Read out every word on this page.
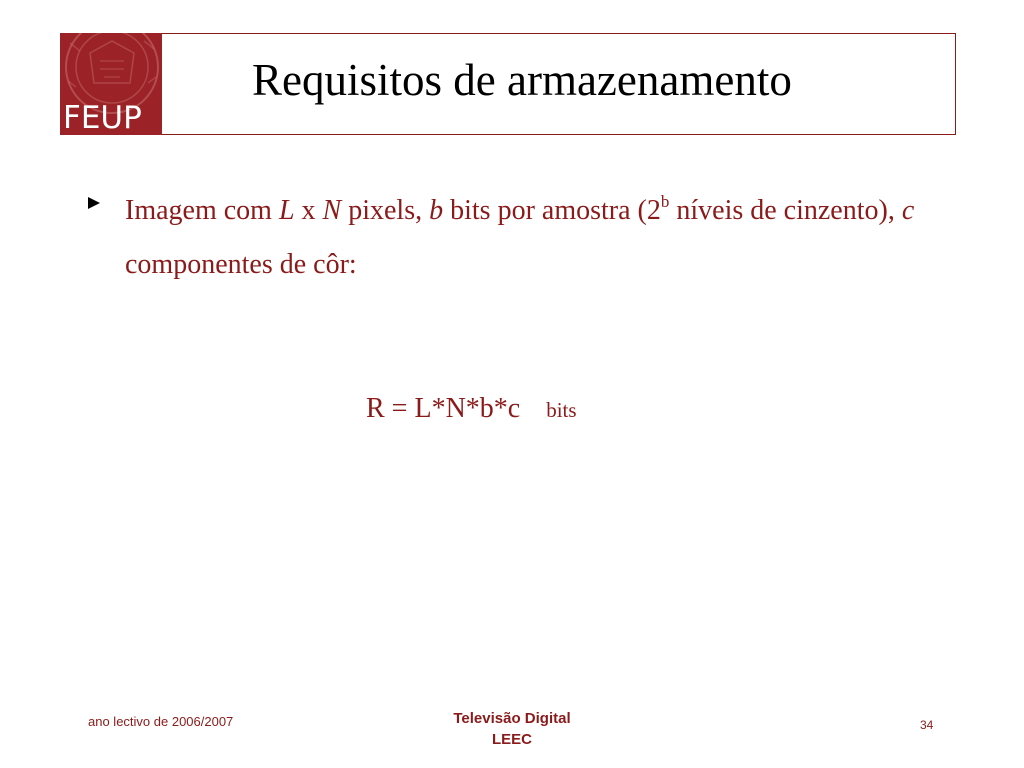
FEUP
Requisitos de armazenamento
Imagem com L x N pixels, b bits por amostra (2$^b$ níveis de cinzento), c componentes de côr:
R = L*N*b*c bits
ano lectivo de 2006/2007	Televisão Digital
LEEC
34
